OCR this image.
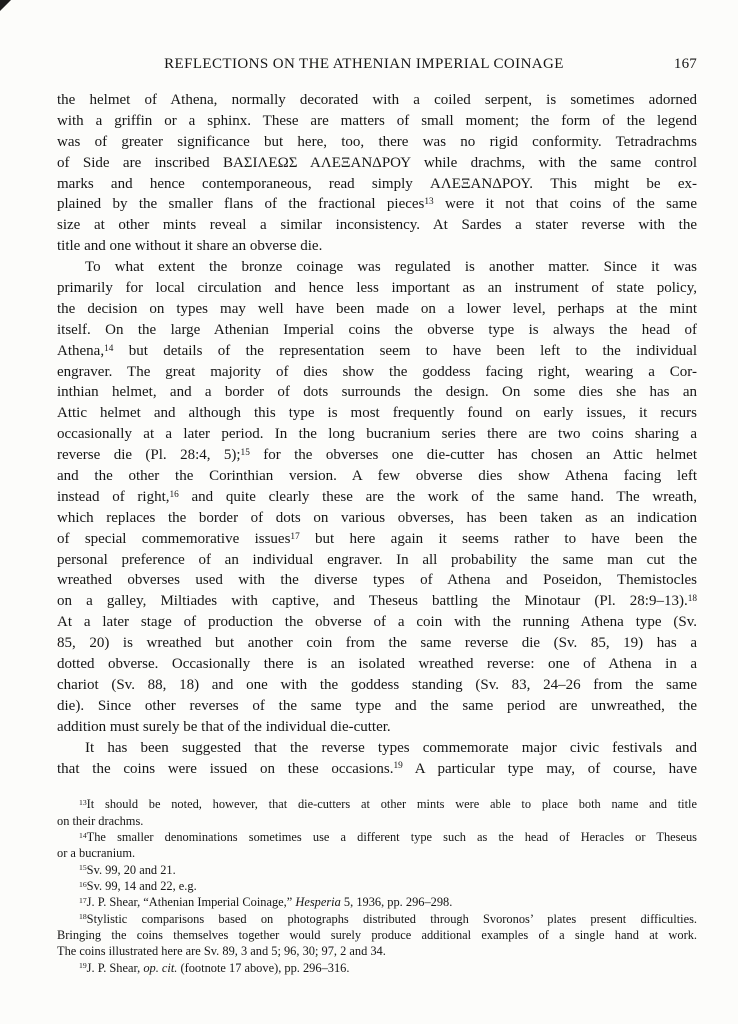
REFLECTIONS ON THE ATHENIAN IMPERIAL COINAGE	167
the helmet of Athena, normally decorated with a coiled serpent, is sometimes adorned
with a griffin or a sphinx. These are matters of small moment; the form of the legend
was of greater significance but here, too, there was no rigid conformity. Tetradrachms
of Side are inscribed ΒΑΣΙΛΕΩΣ ΑΛΕΞΑΝΔΡΟΥ while drachms, with the same control
marks and hence contemporaneous, read simply ΑΛΕΞΑΝΔΡΟΥ. This might be ex-
plained by the smaller flans of the fractional pieces$^{13}$ were it not that coins of the same
size at other mints reveal a similar inconsistency. At Sardes a stater reverse with the
title and one without it share an obverse die.
To what extent the bronze coinage was regulated is another matter. Since it was
primarily for local circulation and hence less important as an instrument of state policy,
the decision on types may well have been made on a lower level, perhaps at the mint
itself. On the large Athenian Imperial coins the obverse type is always the head of
Athena,$^{14}$ but details of the representation seem to have been left to the individual
engraver. The great majority of dies show the goddess facing right, wearing a Cor-
inthian helmet, and a border of dots surrounds the design. On some dies she has an
Attic helmet and although this type is most frequently found on early issues, it recurs
occasionally at a later period. In the long bucranium series there are two coins sharing a
reverse die (Pl. 28:4, 5);$^{15}$ for the obverses one die-cutter has chosen an Attic helmet
and the other the Corinthian version. A few obverse dies show Athena facing left
instead of right,$^{16}$ and quite clearly these are the work of the same hand. The wreath,
which replaces the border of dots on various obverses, has been taken as an indication
of special commemorative issues$^{17}$ but here again it seems rather to have been the
personal preference of an individual engraver. In all probability the same man cut the
wreathed obverses used with the diverse types of Athena and Poseidon, Themistocles
on a galley, Miltiades with captive, and Theseus battling the Minotaur (Pl. 28:9–13).$^{18}$
At a later stage of production the obverse of a coin with the running Athena type (Sv.
85, 20) is wreathed but another coin from the same reverse die (Sv. 85, 19) has a
dotted obverse. Occasionally there is an isolated wreathed reverse: one of Athena in a
chariot (Sv. 88, 18) and one with the goddess standing (Sv. 83, 24–26 from the same
die). Since other reverses of the same type and the same period are unwreathed, the
addition must surely be that of the individual die-cutter.
It has been suggested that the reverse types commemorate major civic festivals and
that the coins were issued on these occasions.$^{19}$ A particular type may, of course, have
$^{13}$It should be noted, however, that die-cutters at other mints were able to place both name and title
on their drachms.
$^{14}$The smaller denominations sometimes use a different type such as the head of Heracles or Theseus
or a bucranium.
$^{15}$Sv. 99, 20 and 21.
$^{16}$Sv. 99, 14 and 22, e.g.
$^{17}$J. P. Shear, “Athenian Imperial Coinage,” Hesperia 5, 1936, pp. 296–298.
$^{18}$Stylistic comparisons based on photographs distributed through Svoronos’ plates present difficulties.
Bringing the coins themselves together would surely produce additional examples of a single hand at work.
The coins illustrated here are Sv. 89, 3 and 5; 96, 30; 97, 2 and 34.
$^{19}$J. P. Shear, op. cit. (footnote 17 above), pp. 296–316.
